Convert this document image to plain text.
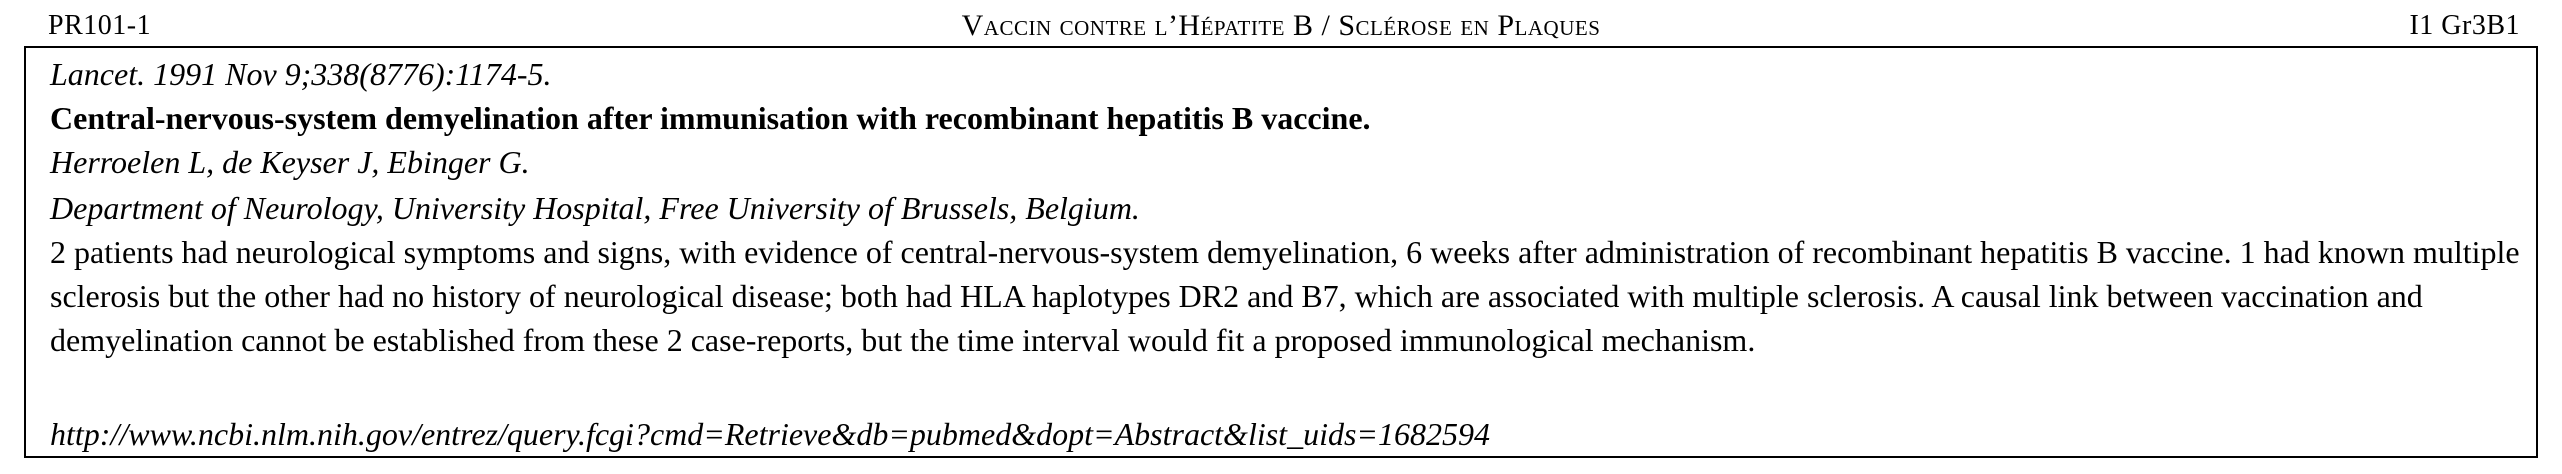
PR101-1	Vaccin contre l’Hépatite B / Sclérose en Plaques	I1 Gr3B1
Lancet. 1991 Nov 9;338(8776):1174-5.
Central-nervous-system demyelination after immunisation with recombinant hepatitis B vaccine.
Herroelen L, de Keyser J, Ebinger G.
Department of Neurology, University Hospital, Free University of Brussels, Belgium.
2 patients had neurological symptoms and signs, with evidence of central-nervous-system demyelination, 6 weeks after administration of recombinant hepatitis B vaccine. 1 had known multiple sclerosis but the other had no history of neurological disease; both had HLA haplotypes DR2 and B7, which are associated with multiple sclerosis. A causal link between vaccination and demyelination cannot be established from these 2 case-reports, but the time interval would fit a proposed immunological mechanism.
http://www.ncbi.nlm.nih.gov/entrez/query.fcgi?cmd=Retrieve&db=pubmed&dopt=Abstract&list_uids=1682594
